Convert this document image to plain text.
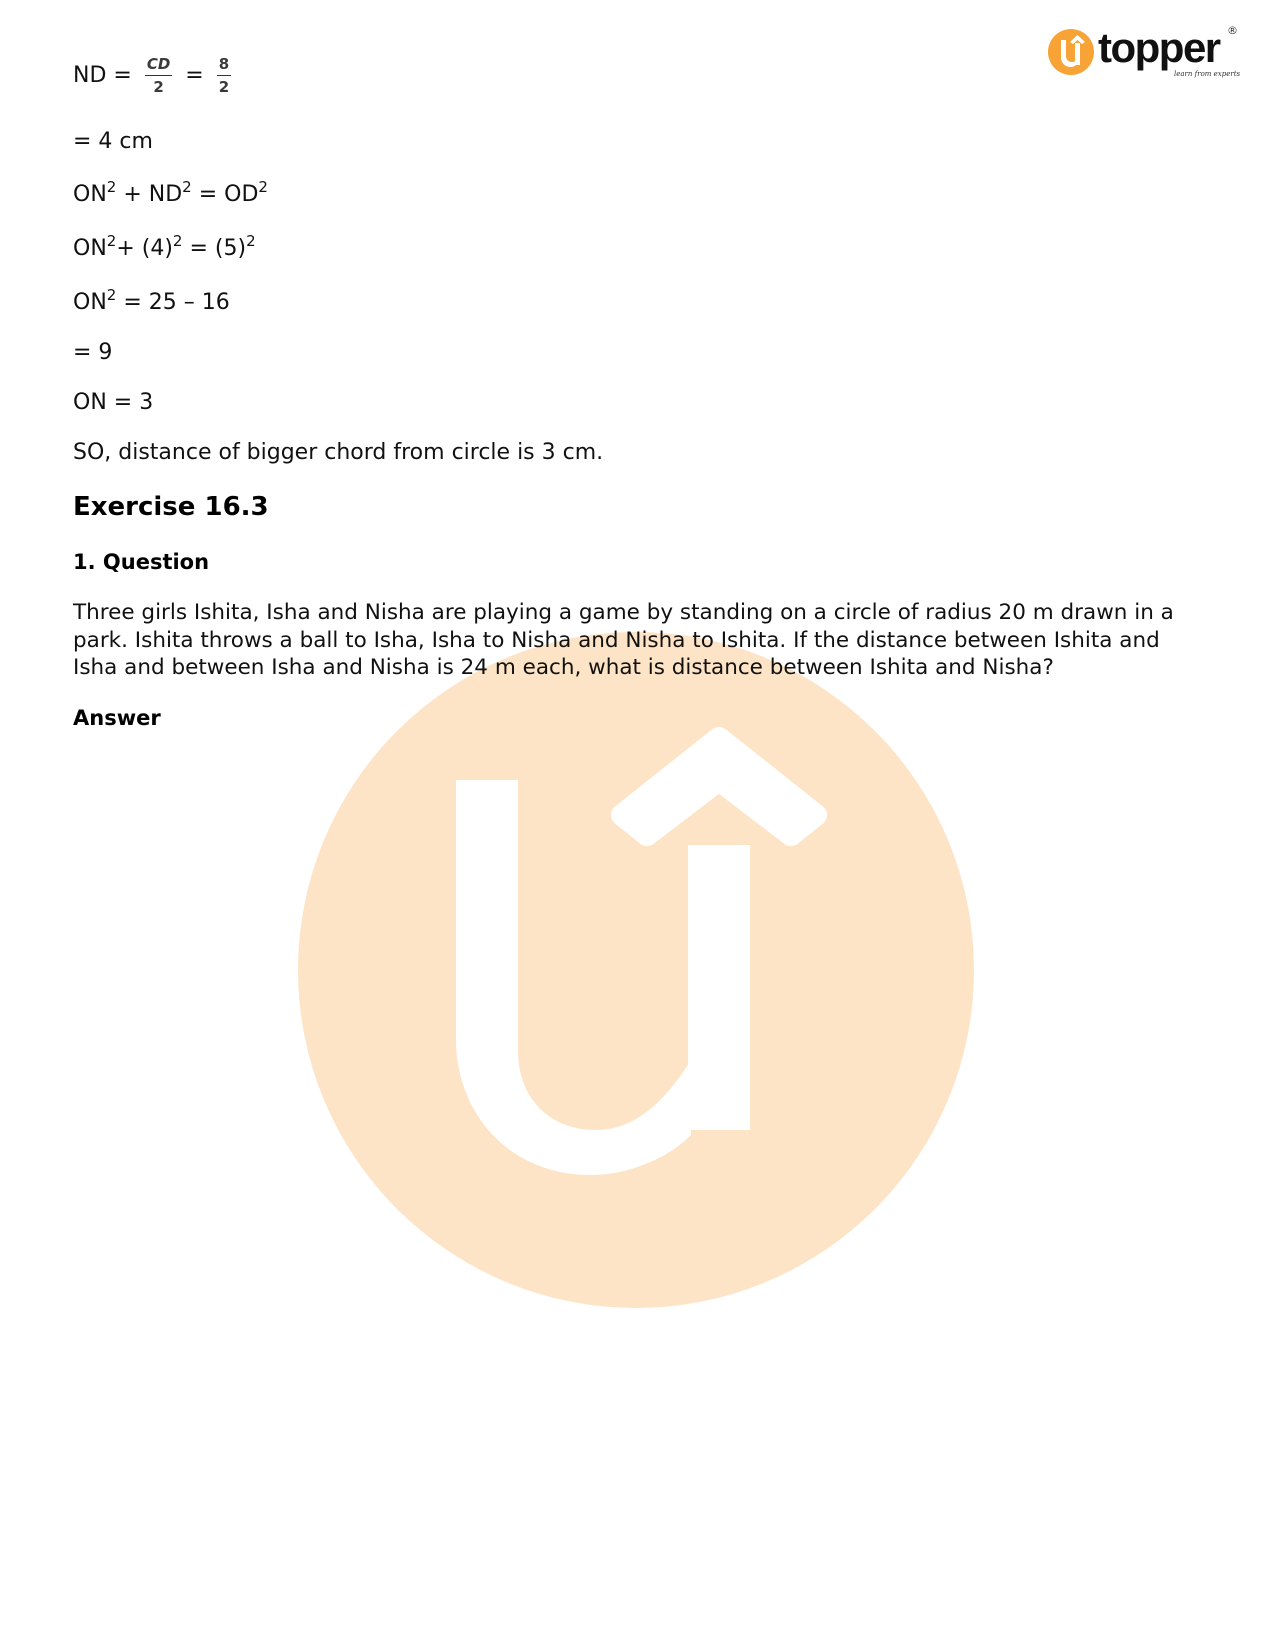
topper ®
learn from experts
ND = $\frac{CD}{2} = \frac{8}{2}$
= 4 cm
$ON^2 + ND^2 = OD^2$
$ON^2+ (4)^2 = (5)^2$
$ON^2 = 25 - 16$
= 9
ON = 3
SO, distance of bigger chord from circle is 3 cm.
Exercise 16.3
1. Question
Three girls Ishita, Isha and Nisha are playing a game by standing on a circle of radius 20 m drawn in a park. Ishita throws a ball to Isha, Isha to Nisha and Nisha to Ishita. If the distance between Ishita and Isha and between Isha and Nisha is 24 m each, what is distance between Ishita and Nisha?
Answer
